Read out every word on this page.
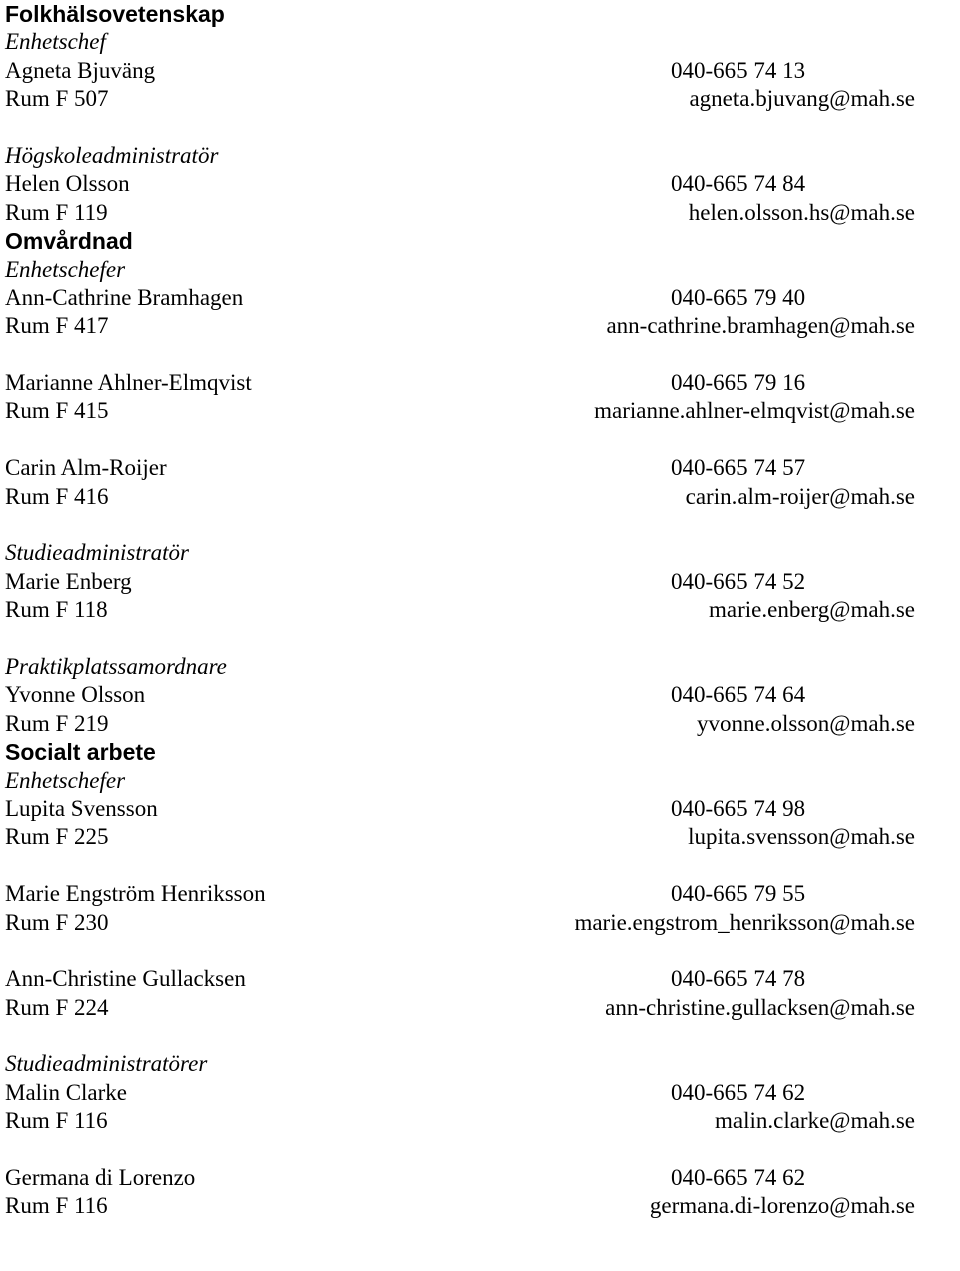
Folkhälsovetenskap
Enhetschef
Agneta Bjuväng	040-665 74 13
Rum F 507	agneta.bjuvang@mah.se
Högskoleadministratör
Helen Olsson	040-665 74 84
Rum F 119	helen.olsson.hs@mah.se
Omvårdnad
Enhetschefer
Ann-Cathrine Bramhagen	040-665 79 40
Rum F 417	ann-cathrine.bramhagen@mah.se
Marianne Ahlner-Elmqvist	040-665 79 16
Rum F 415	marianne.ahlner-elmqvist@mah.se
Carin Alm-Roijer	040-665 74 57
Rum F 416	carin.alm-roijer@mah.se
Studieadministratör
Marie Enberg	040-665 74 52
Rum F 118	marie.enberg@mah.se
Praktikplatssamordnare
Yvonne Olsson	040-665 74 64
Rum F 219	yvonne.olsson@mah.se
Socialt arbete
Enhetschefer
Lupita Svensson	040-665 74 98
Rum F 225	lupita.svensson@mah.se
Marie Engström Henriksson	040-665 79 55
Rum F 230	marie.engstrom_henriksson@mah.se
Ann-Christine Gullacksen	040-665 74 78
Rum F 224	ann-christine.gullacksen@mah.se
Studieadministratörer
Malin Clarke	040-665 74 62
Rum F 116	malin.clarke@mah.se
Germana di Lorenzo	040-665 74 62
Rum F 116	germana.di-lorenzo@mah.se
